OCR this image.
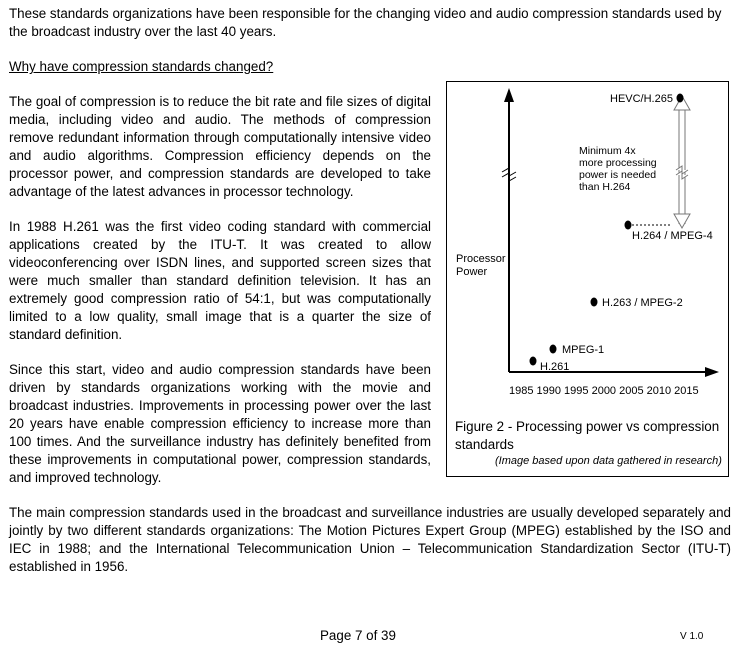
These standards organizations have been responsible for the changing video and audio compression standards used by the broadcast industry over the last 40 years.
Why have compression standards changed?
The goal of compression is to reduce the bit rate and file sizes of digital media, including video and audio. The methods of compression remove redundant information through computationally intensive video and audio algorithms. Compression efficiency depends on the processor power, and compression standards are developed to take advantage of the latest advances in processor technology.
In 1988 H.261 was the first video coding standard with commercial applications created by the ITU-T. It was created to allow videoconferencing over ISDN lines, and supported screen sizes that were much smaller than standard definition television. It has an extremely good compression ratio of 54:1, but was computationally limited to a low quality, small image that is a quarter the size of standard definition.
Since this start, video and audio compression standards have been driven by standards organizations working with the movie and broadcast industries. Improvements in processing power over the last 20 years have enable compression efficiency to increase more than 100 times. And the surveillance industry has definitely benefited from these improvements in computational power, compression standards, and improved technology.
Processor
Power
1985 1990 1995 2000 2005 2010 2015
Minimum 4x
more processing
power is needed
than H.264
H.261
MPEG-1
H.263 / MPEG-2
H.264 / MPEG-4
HEVC/H.265
Figure 2 - Processing power vs compression standards
(Image based upon data gathered in research)
The main compression standards used in the broadcast and surveillance industries are usually developed separately and jointly by two different standards organizations: The Motion Pictures Expert Group (MPEG) established by the ISO and IEC in 1988; and the International Telecommunication Union – Telecommunication Standardization Sector (ITU-T) established in 1956.
Page 7 of 39	V 1.0
